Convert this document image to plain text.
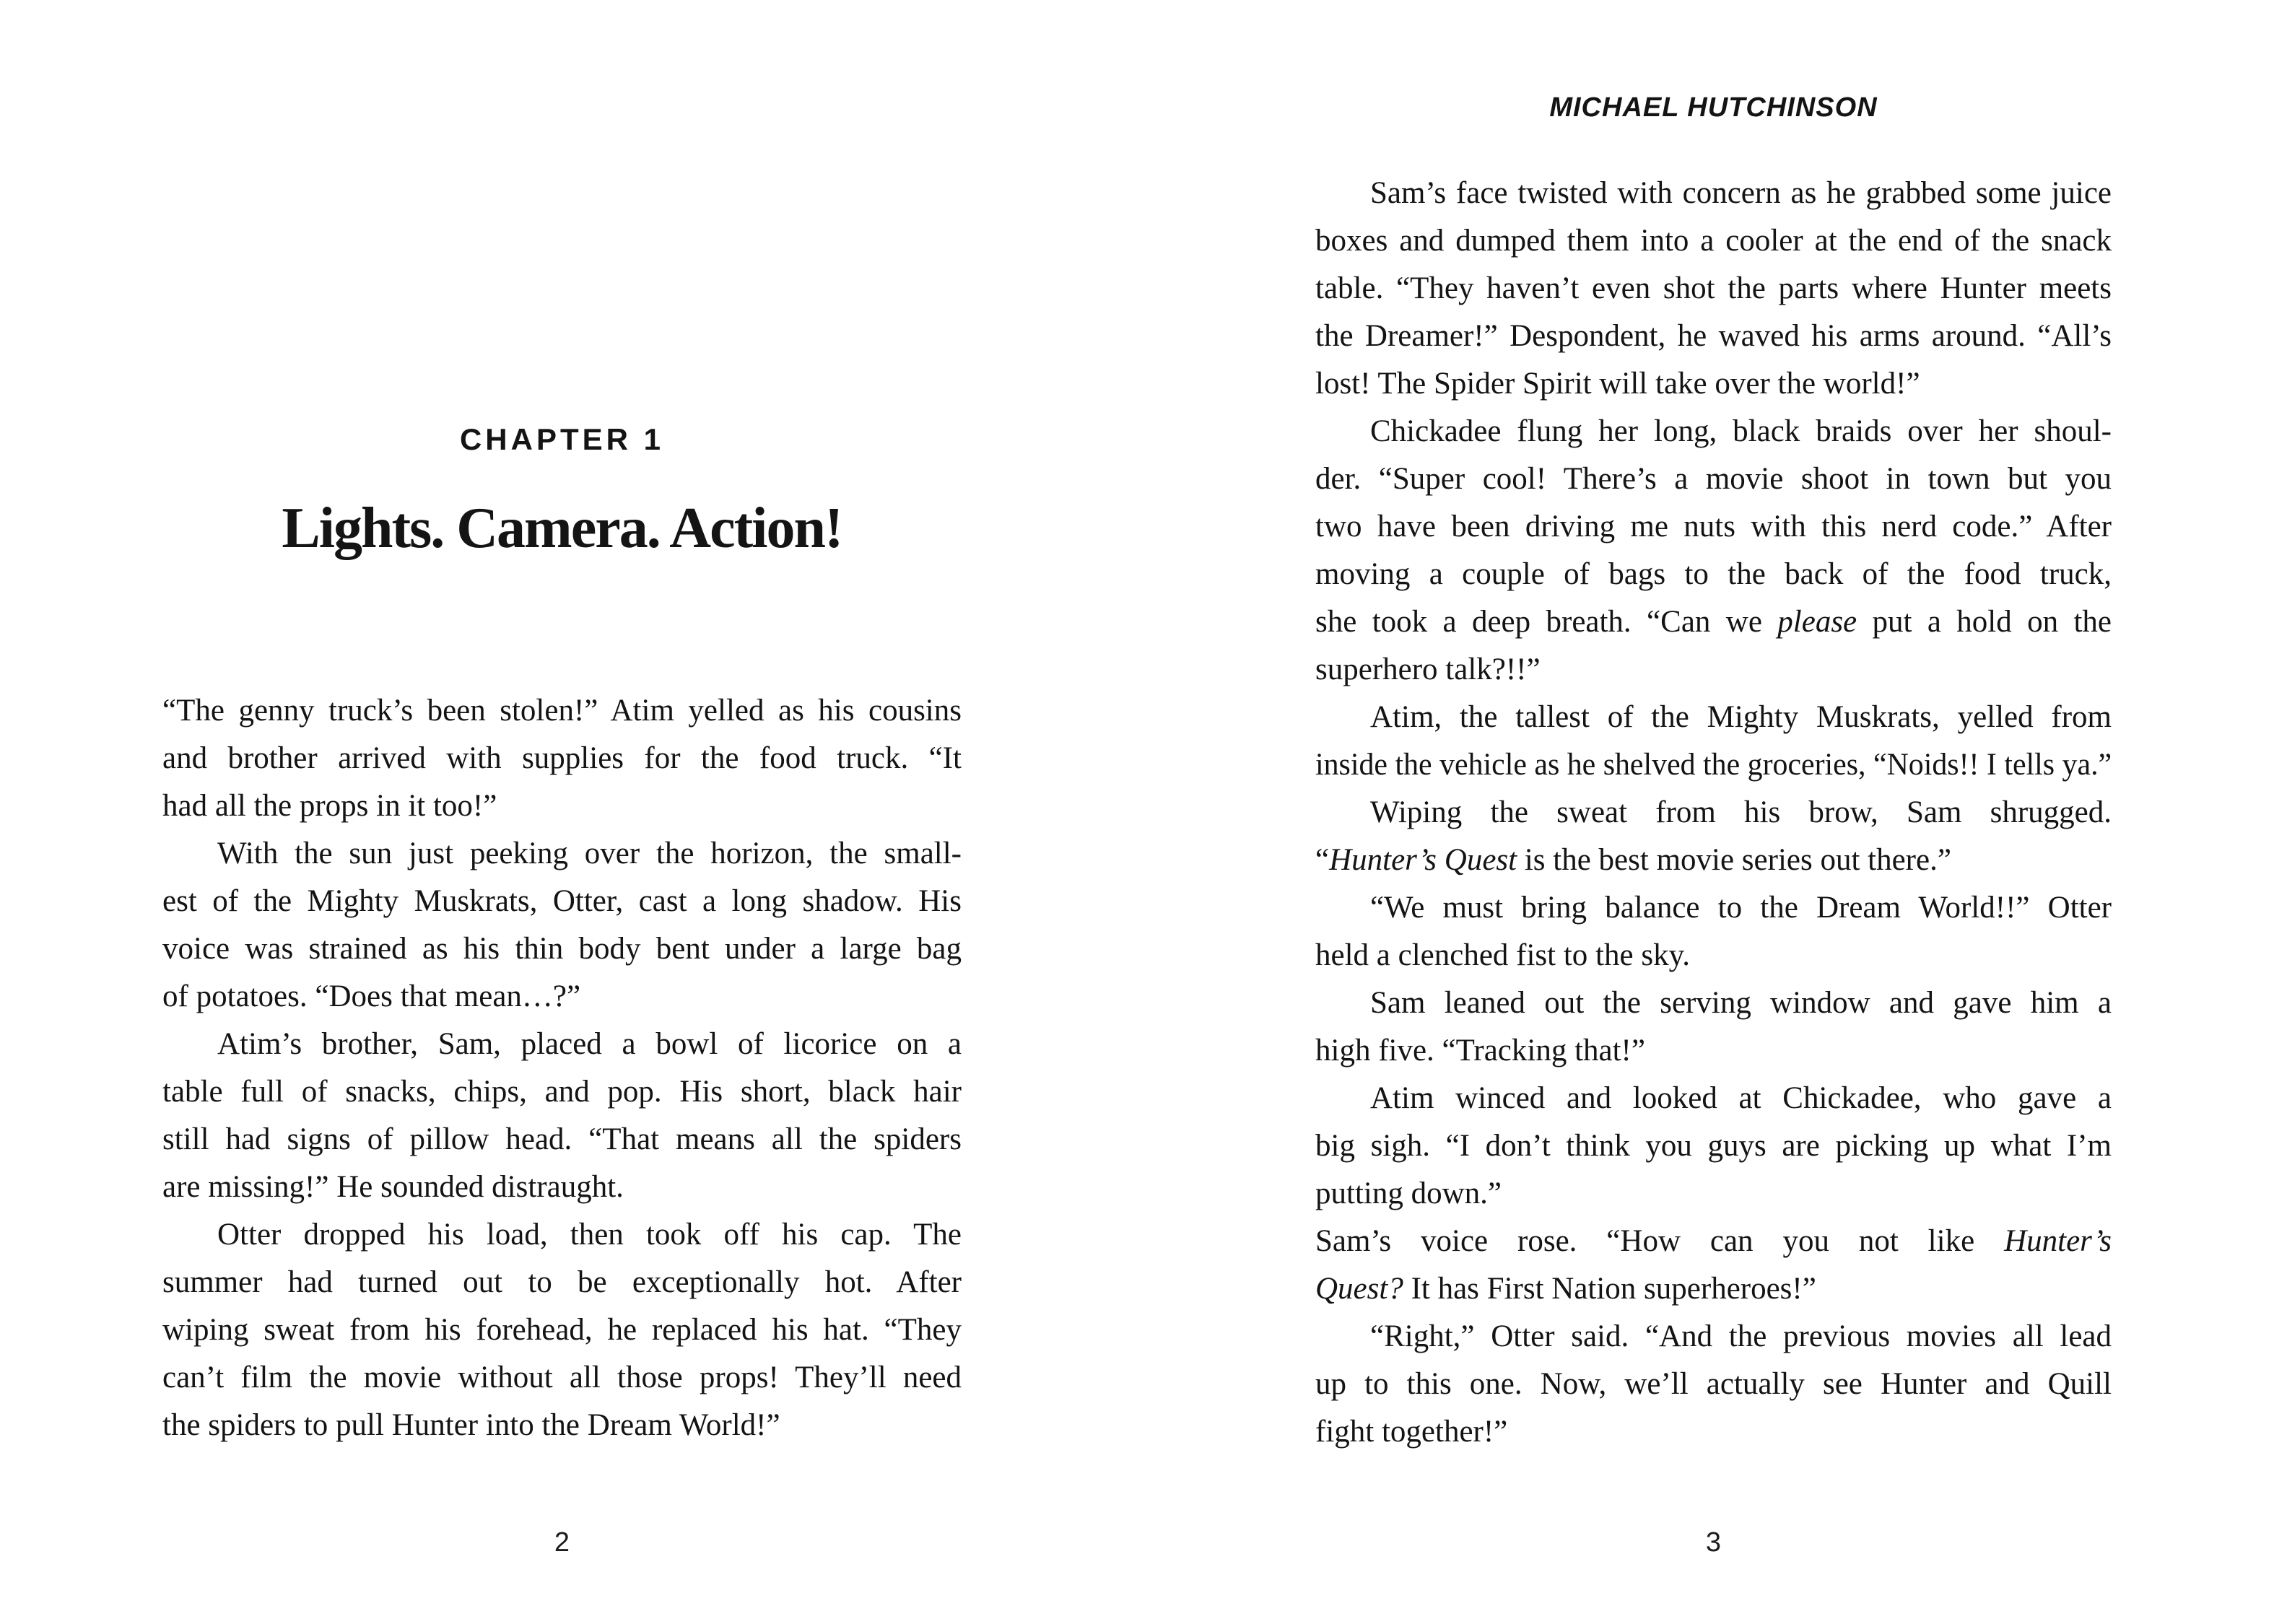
CHAPTER 1
Lights. Camera. Action!
“The genny truck’s been stolen!” Atim yelled as his cousins
and brother arrived with supplies for the food truck. “It
had all the props in it too!”
With the sun just peeking over the horizon, the small-
est of the Mighty Muskrats, Otter, cast a long shadow. His
voice was strained as his thin body bent under a large bag
of potatoes. “Does that mean…?”
Atim’s brother, Sam, placed a bowl of licorice on a
table full of snacks, chips, and pop. His short, black hair
still had signs of pillow head. “That means all the spiders
are missing!” He sounded distraught.
Otter dropped his load, then took off his cap. The
summer had turned out to be exceptionally hot. After
wiping sweat from his forehead, he replaced his hat. “They
can’t film the movie without all those props! They’ll need
the spiders to pull Hunter into the Dream World!”
2
MICHAEL HUTCHINSON
Sam’s face twisted with concern as he grabbed some juice
boxes and dumped them into a cooler at the end of the snack
table. “They haven’t even shot the parts where Hunter meets
the Dreamer!” Despondent, he waved his arms around. “All’s
lost! The Spider Spirit will take over the world!”
Chickadee flung her long, black braids over her shoul-
der. “Super cool! There’s a movie shoot in town but you
two have been driving me nuts with this nerd code.” After
moving a couple of bags to the back of the food truck,
she took a deep breath. “Can we please put a hold on the
superhero talk?!!”
Atim, the tallest of the Mighty Muskrats, yelled from
inside the vehicle as he shelved the groceries, “Noids!! I tells ya.”
Wiping the sweat from his brow, Sam shrugged.
“Hunter’s Quest is the best movie series out there.”
“We must bring balance to the Dream World!!” Otter
held a clenched fist to the sky.
Sam leaned out the serving window and gave him a
high five. “Tracking that!”
Atim winced and looked at Chickadee, who gave a
big sigh. “I don’t think you guys are picking up what I’m
putting down.”
Sam’s voice rose. “How can you not like Hunter’s
Quest? It has First Nation superheroes!”
“Right,” Otter said. “And the previous movies all lead
up to this one. Now, we’ll actually see Hunter and Quill
fight together!”
3
